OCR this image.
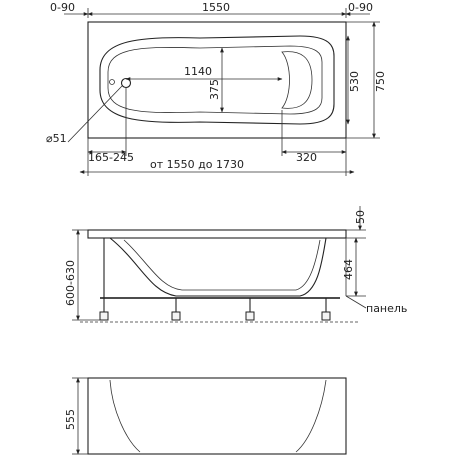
0-90	1550	0-90
1140
375	530 750
⌀51
165-245	320
от 1550 до 1730
50
464
600-630
панель
555
